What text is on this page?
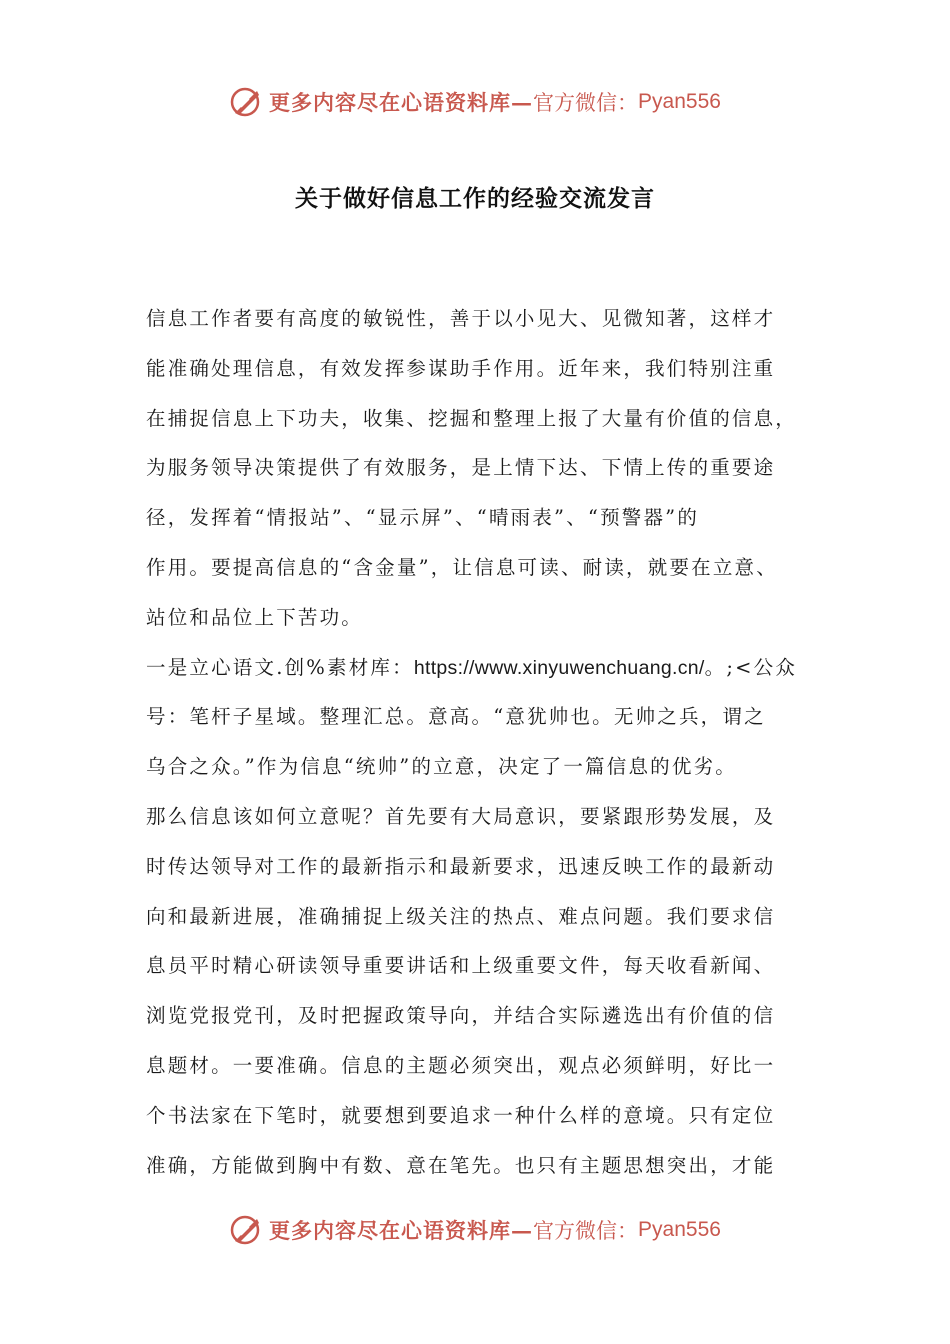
更多内容尽在心语资料库— 官方微信： Pyan556
关于做好信息工作的经验交流发言
信息工作者要有高度的敏锐性，善于以小见大、见微知著，这样才
能准确处理信息，有效发挥参谋助手作用。近年来，我们特别注重
在捕捉信息上下功夫，收集、挖掘和整理上报了大量有价值的信息，
为服务领导决策提供了有效服务，是上情下达、下情上传的重要途
径，发挥着“情报站”、“显示屏”、“晴雨表”、“预警器”的
作用。要提高信息的“含金量”，让信息可读、耐读，就要在立意、
站位和品位上下苦功。
一是立心语文.创%素材库：https://www.xinyuwenchuang.cn/。;<公众
号：笔杆子星域。整理汇总。意高。“意犹帅也。无帅之兵，谓之
乌合之众。”作为信息“统帅”的立意，决定了一篇信息的优劣。
那么信息该如何立意呢？首先要有大局意识，要紧跟形势发展，及
时传达领导对工作的最新指示和最新要求，迅速反映工作的最新动
向和最新进展，准确捕捉上级关注的热点、难点问题。我们要求信
息员平时精心研读领导重要讲话和上级重要文件，每天收看新闻、
浏览党报党刊，及时把握政策导向，并结合实际遴选出有价值的信
息题材。一要准确。信息的主题必须突出，观点必须鲜明，好比一
个书法家在下笔时，就要想到要追求一种什么样的意境。只有定位
准确，方能做到胸中有数、意在笔先。也只有主题思想突出，才能
更多内容尽在心语资料库— 官方微信： Pyan556
